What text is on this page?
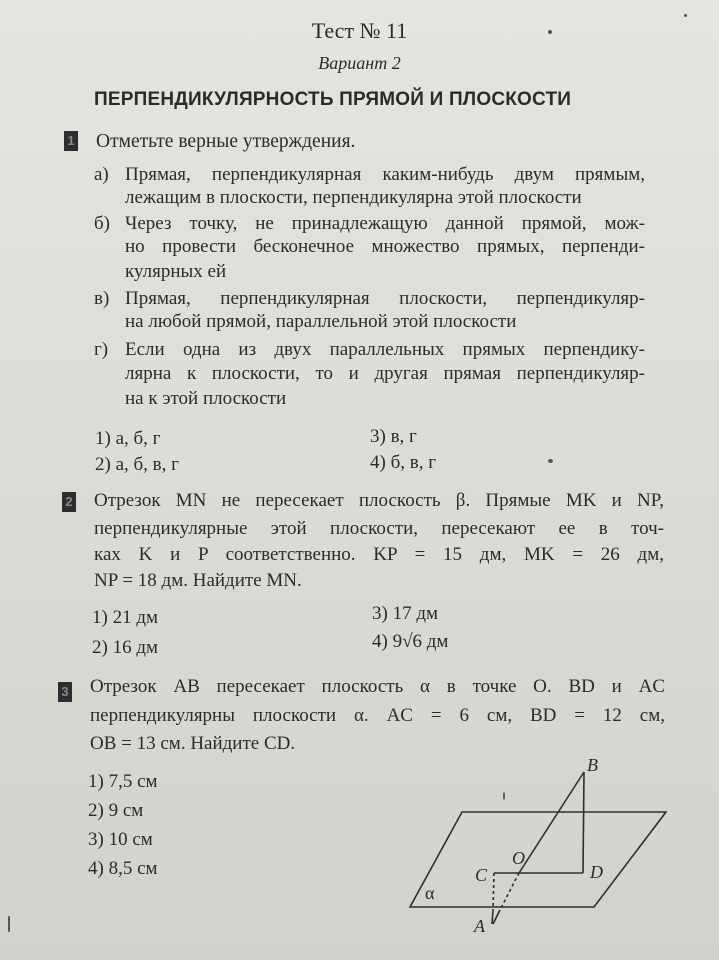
Тест № 11
Вариант 2
ПЕРПЕНДИКУЛЯРНОСТЬ ПРЯМОЙ И ПЛОСКОСТИ
1 Отметьте верные утверждения.
а) Прямая, перпендикулярная каким-нибудь двум прямым,
лежащим в плоскости, перпендикулярна этой плоскости
б) Через точку, не принадлежащую данной прямой, мож-
но провести бесконечное множество прямых, перпенди-
кулярных ей
в) Прямая, перпендикулярная плоскости, перпендикуляр-
на любой прямой, параллельной этой плоскости
г) Если одна из двух параллельных прямых перпендику-
лярна к плоскости, то и другая прямая перпендикуляр-
на к этой плоскости
1) а, б, г
2) а, б, в, г
3) в, г
4) б, в, г
2 Отрезок MN не пересекает плоскость β. Прямые MK и NP,
перпендикулярные этой плоскости, пересекают ее в точ-
ках K и P соответственно. KP = 15 дм, MK = 26 дм,
NP = 18 дм. Найдите MN.
1) 21 дм
2) 16 дм
3) 17 дм
4) 9√6 дм
3 Отрезок AB пересекает плоскость α в точке O. BD и AC
перпендикулярны плоскости α. AC = 6 см, BD = 12 см,
OB = 13 см. Найдите CD.
1) 7,5 см
2) 9 см
3) 10 см
4) 8,5 см
B
O
C	D
A
α
